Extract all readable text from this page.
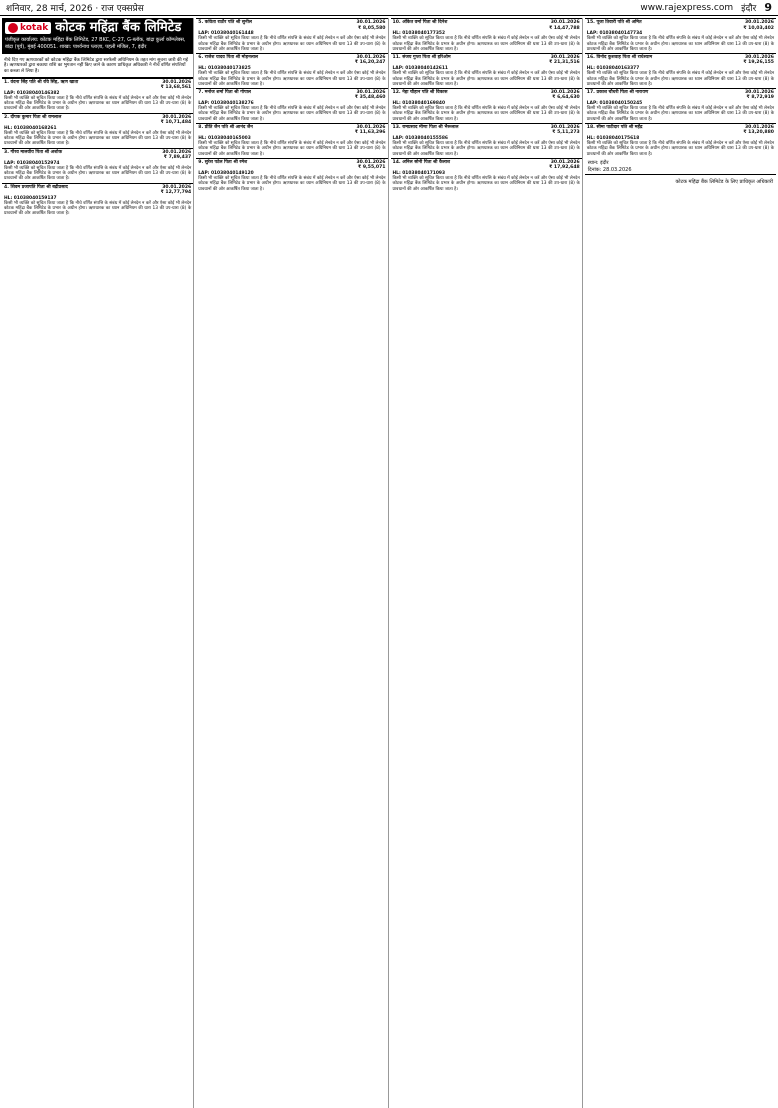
शनिवार, 28 मार्च, 2026 · राज एक्सप्रेस	www.rajexpress.com इंदौर 9
kotak कोटक महिंद्रा बैंक लिमिटेड
पंजीकृत कार्यालय: कोटक महिंद्रा बैंक लिमिटेड, 27 BKC, C-27, G-ब्लॉक, बांद्रा कुर्ला कॉम्प्लेक्स, बांद्रा (पूर्व), मुंबई 400051. शाखा: पार्श्वनाथ प्लाज़ा, पहली मंजिल, 7, इंदौर
नीचे दिए गए ऋणधारकों को कोटक महिंद्रा बैंक लिमिटेड द्वारा सरफेसी अधिनियम के तहत मांग सूचना जारी की गई है। ऋणधारकों द्वारा बकाया राशि का भुगतान नहीं किए जाने के कारण प्राधिकृत अधिकारी ने नीचे वर्णित संपत्तियों का कब्जा ले लिया है।
1. वंदना सिंह पति श्री रवि सिंह, ऋण खाता	30.01.2026
₹ 13,68,561
LAP: 01038040146382
किसी भी व्यक्ति को सूचित किया जाता है कि नीचे वर्णित संपत्ति के संबंध में कोई लेनदेन न करें और ऐसा कोई भी लेनदेन कोटक महिंद्रा बैंक लिमिटेड के प्रभार के अधीन होगा। ऋणधारक का ध्यान अधिनियम की धारा 13 की उप-धारा (8) के प्रावधानों की ओर आकर्षित किया जाता है।
2. दीपक कुमार पिता श्री रामलाल	30.01.2026
₹ 10,71,484
HL: 01038040168261
किसी भी व्यक्ति को सूचित किया जाता है कि नीचे वर्णित संपत्ति के संबंध में कोई लेनदेन न करें और ऐसा कोई भी लेनदेन कोटक महिंद्रा बैंक लिमिटेड के प्रभार के अधीन होगा। ऋणधारक का ध्यान अधिनियम की धारा 13 की उप-धारा (8) के प्रावधानों की ओर आकर्षित किया जाता है।
3. गौरव मालवीय पिता श्री अशोक	30.01.2026
₹ 7,89,437
LAP: 01038040152974
किसी भी व्यक्ति को सूचित किया जाता है कि नीचे वर्णित संपत्ति के संबंध में कोई लेनदेन न करें और ऐसा कोई भी लेनदेन कोटक महिंद्रा बैंक लिमिटेड के प्रभार के अधीन होगा। ऋणधारक का ध्यान अधिनियम की धारा 13 की उप-धारा (8) के प्रावधानों की ओर आकर्षित किया जाता है।
4. शिवम प्रजापति पिता श्री बद्रीप्रसाद	30.01.2026
₹ 12,77,794
HL: 01038040159137
किसी भी व्यक्ति को सूचित किया जाता है कि नीचे वर्णित संपत्ति के संबंध में कोई लेनदेन न करें और ऐसा कोई भी लेनदेन कोटक महिंद्रा बैंक लिमिटेड के प्रभार के अधीन होगा। ऋणधारक का ध्यान अधिनियम की धारा 13 की उप-धारा (8) के प्रावधानों की ओर आकर्षित किया जाता है।
5. कविता राठौर पति श्री सुनील	30.01.2026
₹ 8,05,580
LAP: 01038040161448
किसी भी व्यक्ति को सूचित किया जाता है कि नीचे वर्णित संपत्ति के संबंध में कोई लेनदेन न करें और ऐसा कोई भी लेनदेन कोटक महिंद्रा बैंक लिमिटेड के प्रभार के अधीन होगा। ऋणधारक का ध्यान अधिनियम की धारा 13 की उप-धारा (8) के प्रावधानों की ओर आकर्षित किया जाता है।
6. राजेश यादव पिता श्री मोहनलाल	30.01.2026
₹ 16,20,247
HL: 01038040173825
किसी भी व्यक्ति को सूचित किया जाता है कि नीचे वर्णित संपत्ति के संबंध में कोई लेनदेन न करें और ऐसा कोई भी लेनदेन कोटक महिंद्रा बैंक लिमिटेड के प्रभार के अधीन होगा। ऋणधारक का ध्यान अधिनियम की धारा 13 की उप-धारा (8) के प्रावधानों की ओर आकर्षित किया जाता है।
7. मनोज शर्मा पिता श्री गोपाल	30.01.2026
₹ 35,48,460
LAP: 01038040138276
किसी भी व्यक्ति को सूचित किया जाता है कि नीचे वर्णित संपत्ति के संबंध में कोई लेनदेन न करें और ऐसा कोई भी लेनदेन कोटक महिंद्रा बैंक लिमिटेड के प्रभार के अधीन होगा। ऋणधारक का ध्यान अधिनियम की धारा 13 की उप-धारा (8) के प्रावधानों की ओर आकर्षित किया जाता है।
8. प्रीति जैन पति श्री आनंद जैन	30.01.2026
₹ 11,63,296
HL: 01038040165003
किसी भी व्यक्ति को सूचित किया जाता है कि नीचे वर्णित संपत्ति के संबंध में कोई लेनदेन न करें और ऐसा कोई भी लेनदेन कोटक महिंद्रा बैंक लिमिटेड के प्रभार के अधीन होगा। ऋणधारक का ध्यान अधिनियम की धारा 13 की उप-धारा (8) के प्रावधानों की ओर आकर्षित किया जाता है।
9. सुरेश पटेल पिता श्री रमेश	30.01.2026
₹ 9,55,071
LAP: 01038040149120
किसी भी व्यक्ति को सूचित किया जाता है कि नीचे वर्णित संपत्ति के संबंध में कोई लेनदेन न करें और ऐसा कोई भी लेनदेन कोटक महिंद्रा बैंक लिमिटेड के प्रभार के अधीन होगा। ऋणधारक का ध्यान अधिनियम की धारा 13 की उप-धारा (8) के प्रावधानों की ओर आकर्षित किया जाता है।
10. अंकित वर्मा पिता श्री दिनेश	30.01.2026
₹ 14,47,788
HL: 01038040177352
किसी भी व्यक्ति को सूचित किया जाता है कि नीचे वर्णित संपत्ति के संबंध में कोई लेनदेन न करें और ऐसा कोई भी लेनदेन कोटक महिंद्रा बैंक लिमिटेड के प्रभार के अधीन होगा। ऋणधारक का ध्यान अधिनियम की धारा 13 की उप-धारा (8) के प्रावधानों की ओर आकर्षित किया जाता है।
11. संजय गुप्ता पिता श्री हरिओम	30.01.2026
₹ 21,31,516
LAP: 01038040142611
किसी भी व्यक्ति को सूचित किया जाता है कि नीचे वर्णित संपत्ति के संबंध में कोई लेनदेन न करें और ऐसा कोई भी लेनदेन कोटक महिंद्रा बैंक लिमिटेड के प्रभार के अधीन होगा। ऋणधारक का ध्यान अधिनियम की धारा 13 की उप-धारा (8) के प्रावधानों की ओर आकर्षित किया जाता है।
12. नेहा चौहान पति श्री विकास	30.01.2026
₹ 6,64,630
HL: 01038040169840
किसी भी व्यक्ति को सूचित किया जाता है कि नीचे वर्णित संपत्ति के संबंध में कोई लेनदेन न करें और ऐसा कोई भी लेनदेन कोटक महिंद्रा बैंक लिमिटेड के प्रभार के अधीन होगा। ऋणधारक का ध्यान अधिनियम की धारा 13 की उप-धारा (8) के प्रावधानों की ओर आकर्षित किया जाता है।
13. रामप्रसाद मीणा पिता श्री भैरूलाल	30.01.2026
₹ 5,11,273
LAP: 01038040155586
किसी भी व्यक्ति को सूचित किया जाता है कि नीचे वर्णित संपत्ति के संबंध में कोई लेनदेन न करें और ऐसा कोई भी लेनदेन कोटक महिंद्रा बैंक लिमिटेड के प्रभार के अधीन होगा। ऋणधारक का ध्यान अधिनियम की धारा 13 की उप-धारा (8) के प्रावधानों की ओर आकर्षित किया जाता है।
14. अनिल सोनी पिता श्री कैलाश	30.01.2026
₹ 17,92,648
HL: 01038040171093
किसी भी व्यक्ति को सूचित किया जाता है कि नीचे वर्णित संपत्ति के संबंध में कोई लेनदेन न करें और ऐसा कोई भी लेनदेन कोटक महिंद्रा बैंक लिमिटेड के प्रभार के अधीन होगा। ऋणधारक का ध्यान अधिनियम की धारा 13 की उप-धारा (8) के प्रावधानों की ओर आकर्षित किया जाता है।
15. पूजा तिवारी पति श्री अमित	30.01.2026
₹ 10,03,402
LAP: 01038040147734
किसी भी व्यक्ति को सूचित किया जाता है कि नीचे वर्णित संपत्ति के संबंध में कोई लेनदेन न करें और ऐसा कोई भी लेनदेन कोटक महिंद्रा बैंक लिमिटेड के प्रभार के अधीन होगा। ऋणधारक का ध्यान अधिनियम की धारा 13 की उप-धारा (8) के प्रावधानों की ओर आकर्षित किया जाता है।
16. विनोद कुशवाह पिता श्री राधेश्याम	30.01.2026
₹ 19,26,155
HL: 01038040163377
किसी भी व्यक्ति को सूचित किया जाता है कि नीचे वर्णित संपत्ति के संबंध में कोई लेनदेन न करें और ऐसा कोई भी लेनदेन कोटक महिंद्रा बैंक लिमिटेड के प्रभार के अधीन होगा। ऋणधारक का ध्यान अधिनियम की धारा 13 की उप-धारा (8) के प्रावधानों की ओर आकर्षित किया जाता है।
17. प्रकाश चौधरी पिता श्री नारायण	30.01.2026
₹ 8,72,919
LAP: 01038040150245
किसी भी व्यक्ति को सूचित किया जाता है कि नीचे वर्णित संपत्ति के संबंध में कोई लेनदेन न करें और ऐसा कोई भी लेनदेन कोटक महिंद्रा बैंक लिमिटेड के प्रभार के अधीन होगा। ऋणधारक का ध्यान अधिनियम की धारा 13 की उप-धारा (8) के प्रावधानों की ओर आकर्षित किया जाता है।
18. सीमा पाटीदार पति श्री महेंद्र	30.01.2026
₹ 13,20,880
HL: 01038040175618
किसी भी व्यक्ति को सूचित किया जाता है कि नीचे वर्णित संपत्ति के संबंध में कोई लेनदेन न करें और ऐसा कोई भी लेनदेन कोटक महिंद्रा बैंक लिमिटेड के प्रभार के अधीन होगा। ऋणधारक का ध्यान अधिनियम की धारा 13 की उप-धारा (8) के प्रावधानों की ओर आकर्षित किया जाता है।
स्थान: इंदौर
दिनांक: 28.03.2026
कोटक महिंद्रा बैंक लिमिटेड के लिए प्राधिकृत अधिकारी
